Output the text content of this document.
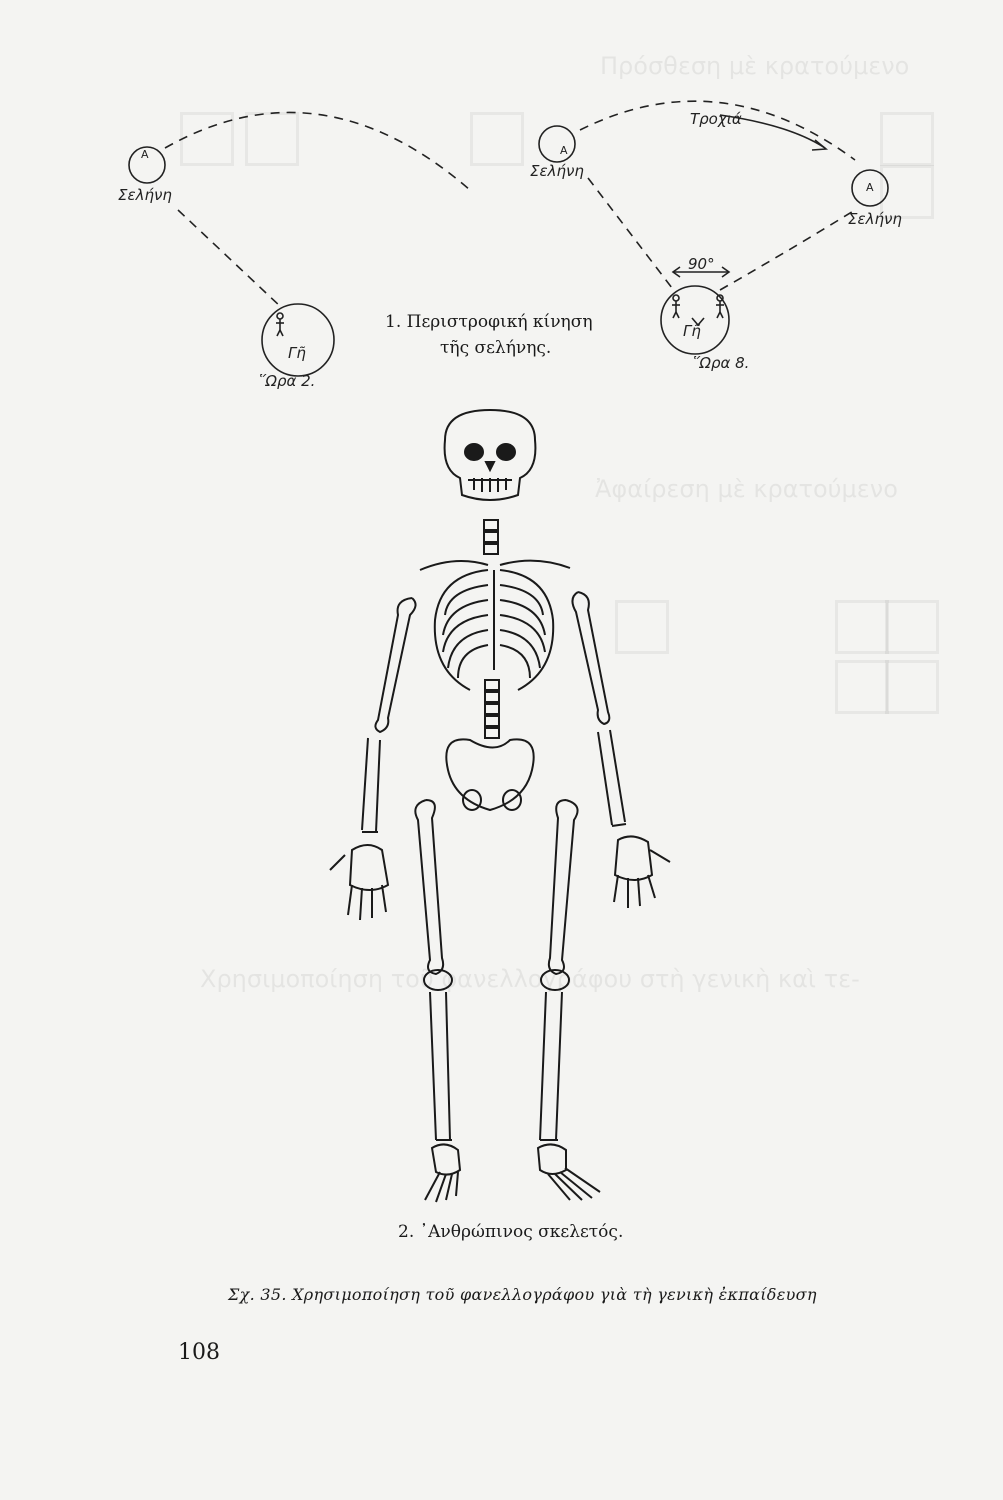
Πρόσθεση μὲ κρατούμενο
Ἀφαίρεση μὲ κρατούμενο
Χρησιμοποίηση τοῦ φανελλογράφου στὴ γενικὴ καὶ τε-
A
Σελήνη
Γῆ
῞Ωρα 2.
A
Σελήνη
Τροχιά
A
Σελήνη
90°
Γῆ
῞Ωρα 8.
1. Περιστροφική κίνηση
τῆς σελήνης.
2. ᾿Ανθρώπινος σκελετός.
Σχ. 35. Χρησιμοποίηση τοῦ φανελλογράφου γιὰ τὴ γενικὴ ἐκπαίδευση
108
